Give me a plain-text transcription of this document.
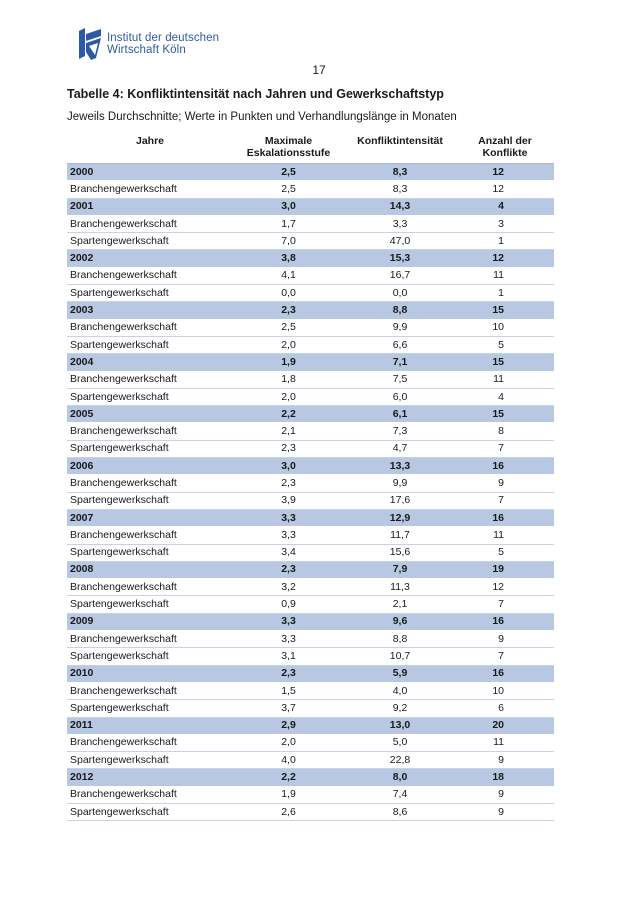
Institut der deutschen
Wirtschaft Köln
17
Tabelle 4: Konfliktintensität nach Jahren und Gewerkschaftstyp
Jeweils Durchschnitte; Werte in Punkten und Verhandlungslänge in Monaten
Jahre	Maximale Eskalationsstufe	Konfliktintensität	Anzahl der Konflikte
2000	2,5	8,3	12
Branchengewerkschaft	2,5	8,3	12
2001	3,0	14,3	4
Branchengewerkschaft	1,7	3,3	3
Spartengewerkschaft	7,0	47,0	1
2002	3,8	15,3	12
Branchengewerkschaft	4,1	16,7	11
Spartengewerkschaft	0,0	0,0	1
2003	2,3	8,8	15
Branchengewerkschaft	2,5	9,9	10
Spartengewerkschaft	2,0	6,6	5
2004	1,9	7,1	15
Branchengewerkschaft	1,8	7,5	11
Spartengewerkschaft	2,0	6,0	4
2005	2,2	6,1	15
Branchengewerkschaft	2,1	7,3	8
Spartengewerkschaft	2,3	4,7	7
2006	3,0	13,3	16
Branchengewerkschaft	2,3	9,9	9
Spartengewerkschaft	3,9	17,6	7
2007	3,3	12,9	16
Branchengewerkschaft	3,3	11,7	11
Spartengewerkschaft	3,4	15,6	5
2008	2,3	7,9	19
Branchengewerkschaft	3,2	11,3	12
Spartengewerkschaft	0,9	2,1	7
2009	3,3	9,6	16
Branchengewerkschaft	3,3	8,8	9
Spartengewerkschaft	3,1	10,7	7
2010	2,3	5,9	16
Branchengewerkschaft	1,5	4,0	10
Spartengewerkschaft	3,7	9,2	6
2011	2,9	13,0	20
Branchengewerkschaft	2,0	5,0	11
Spartengewerkschaft	4,0	22,8	9
2012	2,2	8,0	18
Branchengewerkschaft	1,9	7,4	9
Spartengewerkschaft	2,6	8,6	9
